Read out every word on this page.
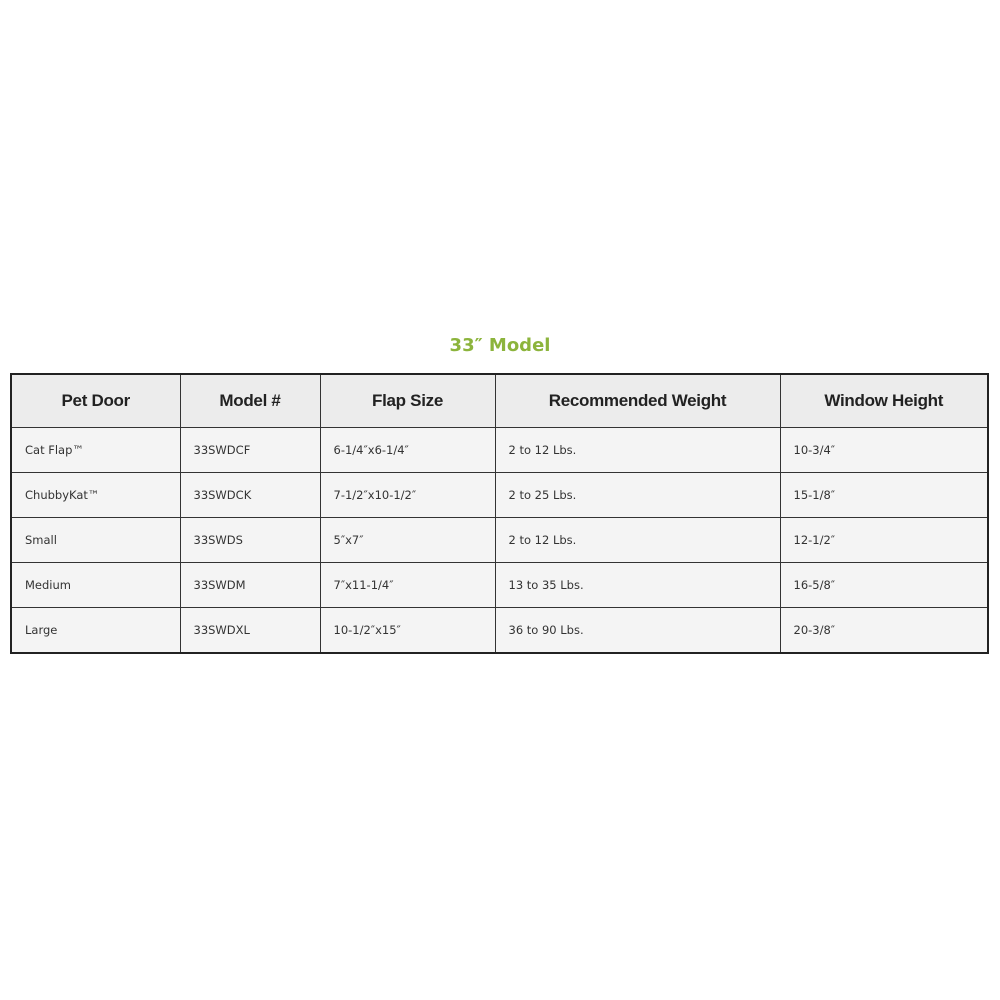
33″ Model
Pet Door	Model #	Flap Size	Recommended Weight	Window Height
Cat Flap™	33SWDCF	6-1/4″x6-1/4″	2 to 12 Lbs.	10-3/4″
ChubbyKat™	33SWDCK	7-1/2″x10-1/2″	2 to 25 Lbs.	15-1/8″
Small	33SWDS	5″x7″	2 to 12 Lbs.	12-1/2″
Medium	33SWDM	7″x11-1/4″	13 to 35 Lbs.	16-5/8″
Large	33SWDXL	10-1/2″x15″	36 to 90 Lbs.	20-3/8″
